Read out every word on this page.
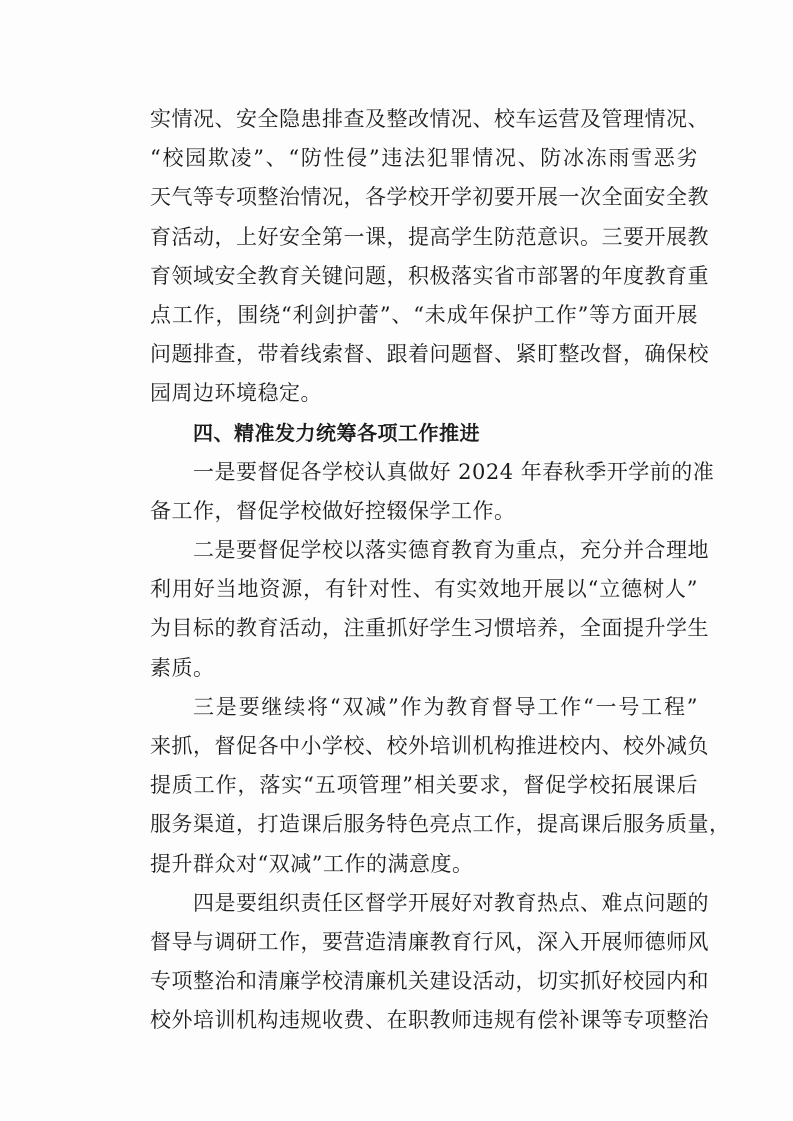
实情况、安全隐患排查及整改情况、校车运营及管理情况、
“校园欺凌”、“防性侵”违法犯罪情况、防冰冻雨雪恶劣
天气等专项整治情况，各学校开学初要开展一次全面安全教
育活动，上好安全第一课，提高学生防范意识。三要开展教
育领域安全教育关键问题，积极落实省市部署的年度教育重
点工作，围绕“利剑护蕾”、“未成年保护工作”等方面开展
问题排查，带着线索督、跟着问题督、紧盯整改督，确保校
园周边环境稳定。
四、精准发力统筹各项工作推进
一是要督促各学校认真做好 2024 年春秋季开学前的准
备工作，督促学校做好控辍保学工作。
二是要督促学校以落实德育教育为重点，充分并合理地
利用好当地资源，有针对性、有实效地开展以“立德树人”
为目标的教育活动，注重抓好学生习惯培养，全面提升学生
素质。
三是要继续将“双减”作为教育督导工作“一号工程”
来抓，督促各中小学校、校外培训机构推进校内、校外减负
提质工作，落实“五项管理”相关要求，督促学校拓展课后
服务渠道，打造课后服务特色亮点工作，提高课后服务质量，
提升群众对“双减”工作的满意度。
四是要组织责任区督学开展好对教育热点、难点问题的
督导与调研工作，要营造清廉教育行风，深入开展师德师风
专项整治和清廉学校清廉机关建设活动，切实抓好校园内和
校外培训机构违规收费、在职教师违规有偿补课等专项整治
